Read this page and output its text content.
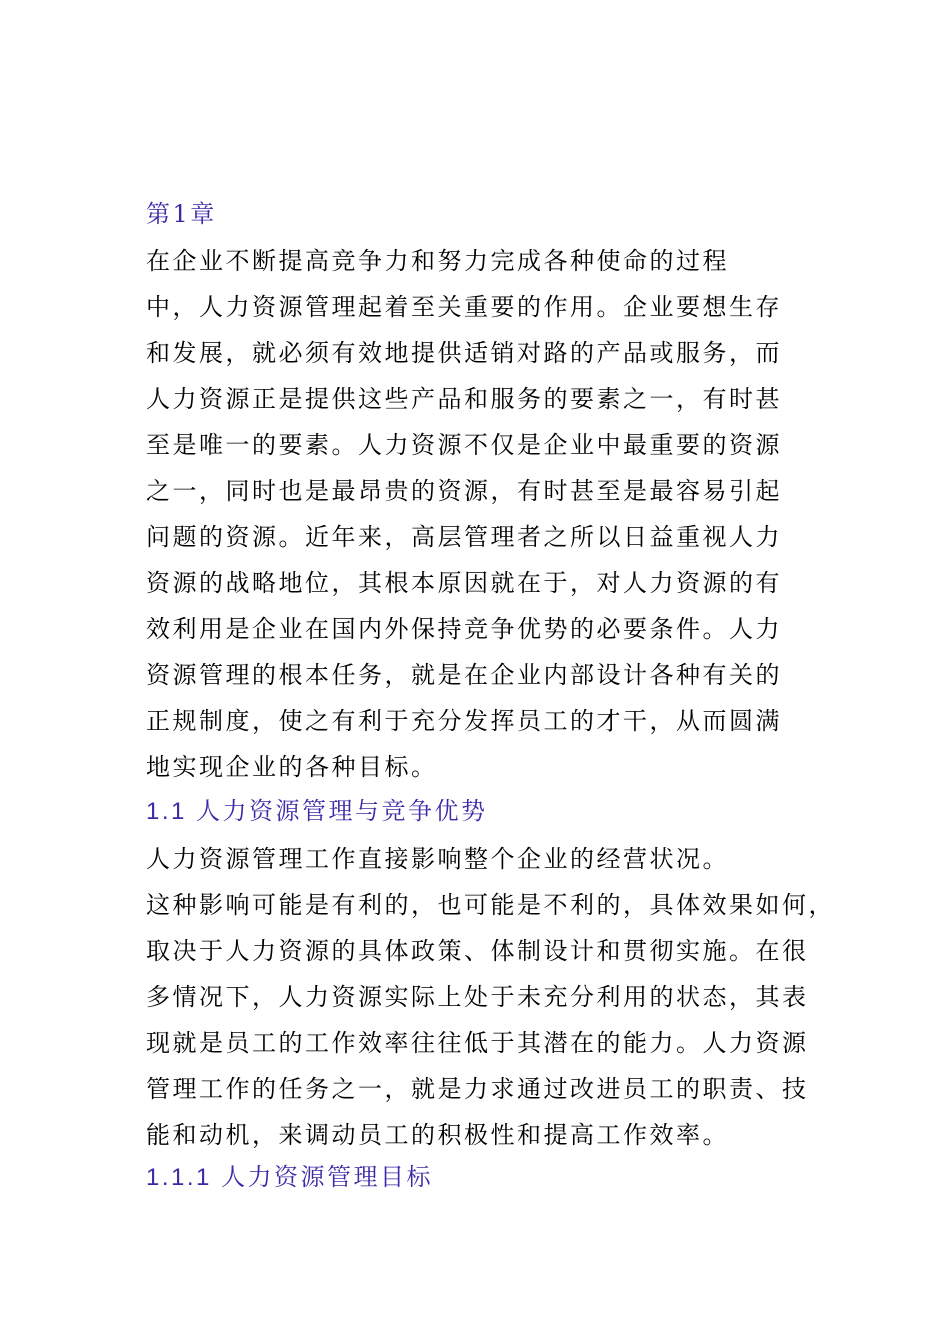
第1章
在企业不断提高竞争力和努力完成各种使命的过程
中，人力资源管理起着至关重要的作用。企业要想生存
和发展，就必须有效地提供适销对路的产品或服务，而
人力资源正是提供这些产品和服务的要素之一，有时甚
至是唯一的要素。人力资源不仅是企业中最重要的资源
之一，同时也是最昂贵的资源，有时甚至是最容易引起
问题的资源。近年来，高层管理者之所以日益重视人力
资源的战略地位，其根本原因就在于，对人力资源的有
效利用是企业在国内外保持竞争优势的必要条件。人力
资源管理的根本任务，就是在企业内部设计各种有关的
正规制度，使之有利于充分发挥员工的才干，从而圆满
地实现企业的各种目标。
1.1 人力资源管理与竞争优势
人力资源管理工作直接影响整个企业的经营状况。
这种影响可能是有利的，也可能是不利的，具体效果如何，
取决于人力资源的具体政策、体制设计和贯彻实施。在很
多情况下，人力资源实际上处于未充分利用的状态，其表
现就是员工的工作效率往往低于其潜在的能力。人力资源
管理工作的任务之一，就是力求通过改进员工的职责、技
能和动机，来调动员工的积极性和提高工作效率。
1.1.1 人力资源管理目标
